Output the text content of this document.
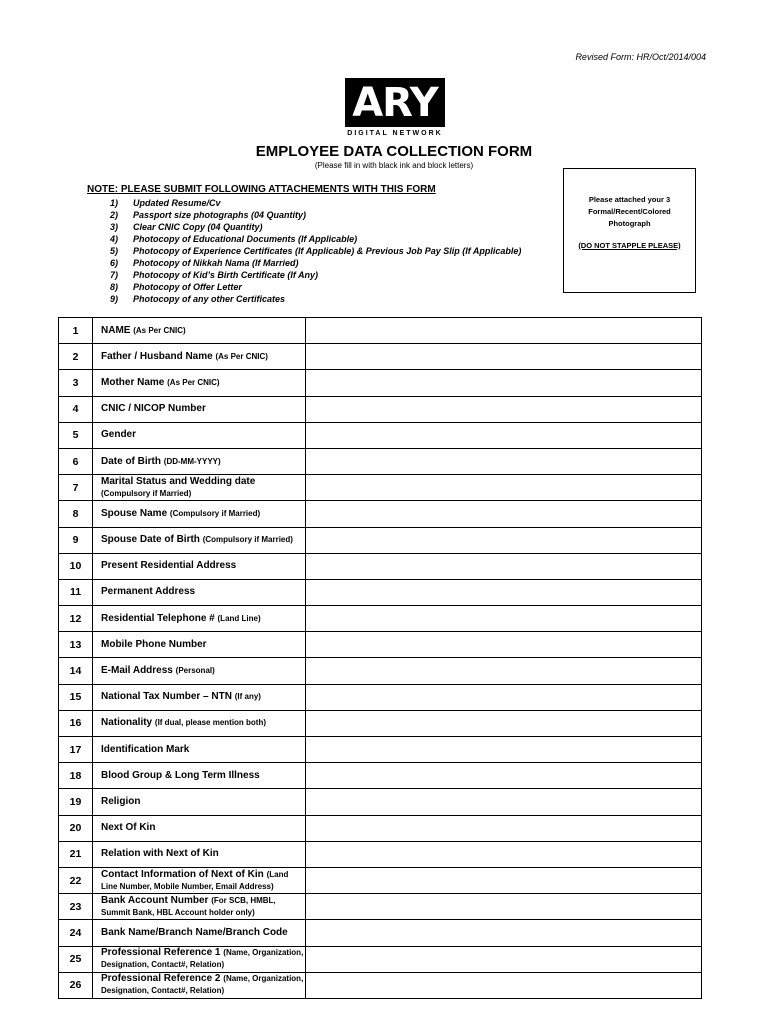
Revised Form: HR/Oct/2014/004
ARY
DIGITAL NETWORK
EMPLOYEE DATA COLLECTION FORM
(Please fill in with black ink and block letters)
NOTE: PLEASE SUBMIT FOLLOWING ATTACHEMENTS WITH THIS FORM
1) Updated Resume/Cv
2) Passport size photographs (04 Quantity)
3) Clear CNIC Copy (04 Quantity)
4) Photocopy of Educational Documents (If Applicable)
5) Photocopy of Experience Certificates (If Applicable) & Previous Job Pay Slip (If Applicable)
6) Photocopy of Nikkah Nama (If Married)
7) Photocopy of Kid’s Birth Certificate (If Any)
8) Photocopy of Offer Letter
9) Photocopy of any other Certificates
Please attached your 3
Formal/Recent/Colored
Photograph
(DO NOT STAPPLE PLEASE)
1	NAME (As Per CNIC)	
2	Father / Husband Name (As Per CNIC)	
3	Mother Name (As Per CNIC)	
4	CNIC / NICOP Number	
5	Gender	
6	Date of Birth (DD-MM-YYYY)	
7	Marital Status and Wedding date (Compulsory if Married)	
8	Spouse Name (Compulsory if Married)	
9	Spouse Date of Birth (Compulsory if Married)	
10	Present Residential Address	
11	Permanent Address	
12	Residential Telephone # (Land Line)	
13	Mobile Phone Number	
14	E-Mail Address (Personal)	
15	National Tax Number – NTN (If any)	
16	Nationality (If dual, please mention both)	
17	Identification Mark	
18	Blood Group & Long Term Illness	
19	Religion	
20	Next Of Kin	
21	Relation with Next of Kin	
22	Contact Information of Next of Kin (Land Line Number, Mobile Number, Email Address)	
23	Bank Account Number (For SCB, HMBL, Summit Bank, HBL Account holder only)	
24	Bank Name/Branch Name/Branch Code	
25	Professional Reference 1 (Name, Organization, Designation, Contact#, Relation)	
26	Professional Reference 2 (Name, Organization, Designation, Contact#, Relation)	
